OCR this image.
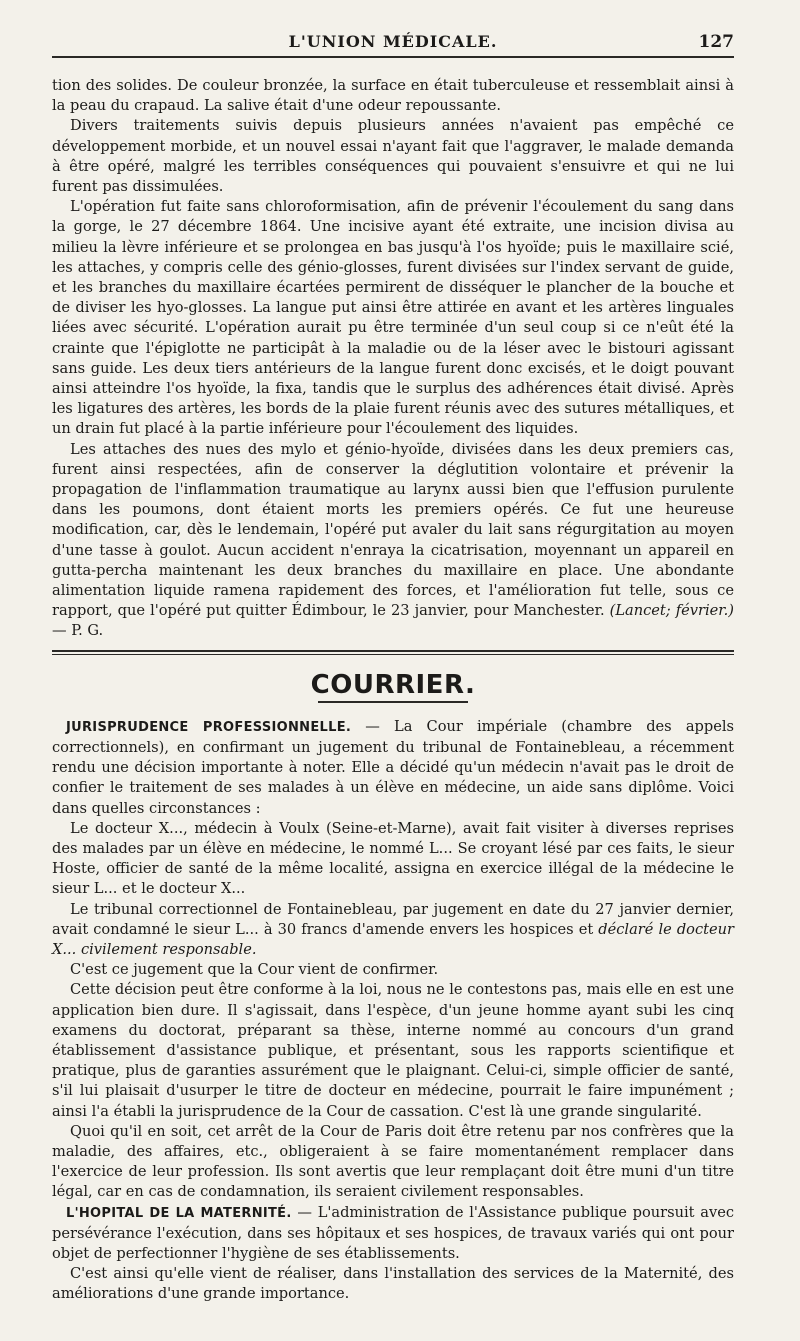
L'UNION MÉDICALE.	127

tion des solides. De couleur bronzée, la surface en était tuberculeuse et ressemblait ainsi à la peau du crapaud. La salive était d'une odeur repoussante.

Divers traitements suivis depuis plusieurs années n'avaient pas empêché ce développement morbide, et un nouvel essai n'ayant fait que l'aggraver, le malade demanda à être opéré, malgré les terribles conséquences qui pouvaient s'ensuivre et qui ne lui furent pas dissimulées.

L'opération fut faite sans chloroformisation, afin de prévenir l'écoulement du sang dans la gorge, le 27 décembre 1864. Une incisive ayant été extraite, une incision divisa au milieu la lèvre inférieure et se prolongea en bas jusqu'à l'os hyoïde; puis le maxillaire scié, les attaches, y compris celle des génio-glosses, furent divisées sur l'index servant de guide, et les branches du maxillaire écartées permirent de disséquer le plancher de la bouche et de diviser les hyo-glosses. La langue put ainsi être attirée en avant et les artères linguales liées avec sécurité. L'opération aurait pu être terminée d'un seul coup si ce n'eût été la crainte que l'épiglotte ne participât à la maladie ou de la léser avec le bistouri agissant sans guide. Les deux tiers antérieurs de la langue furent donc excisés, et le doigt pouvant ainsi atteindre l'os hyoïde, la fixa, tandis que le surplus des adhérences était divisé. Après les ligatures des artères, les bords de la plaie furent réunis avec des sutures métalliques, et un drain fut placé à la partie inférieure pour l'écoulement des liquides.

Les attaches des nues des mylo et génio-hyoïde, divisées dans les deux premiers cas, furent ainsi respectées, afin de conserver la déglutition volontaire et prévenir la propagation de l'inflammation traumatique au larynx aussi bien que l'effusion purulente dans les poumons, dont étaient morts les premiers opérés. Ce fut une heureuse modification, car, dès le lendemain, l'opéré put avaler du lait sans régurgitation au moyen d'une tasse à goulot. Aucun accident n'enraya la cicatrisation, moyennant un appareil en gutta-percha maintenant les deux branches du maxillaire en place. Une abondante alimentation liquide ramena rapidement des forces, et l'amélioration fut telle, sous ce rapport, que l'opéré put quitter Édimbour, le 23 janvier, pour Manchester. (Lancet; février.) — P. G.

COURRIER.

JURISPRUDENCE PROFESSIONNELLE. — La Cour impériale (chambre des appels correctionnels), en confirmant un jugement du tribunal de Fontainebleau, a récemment rendu une décision importante à noter. Elle a décidé qu'un médecin n'avait pas le droit de confier le traitement de ses malades à un élève en médecine, un aide sans diplôme. Voici dans quelles circonstances :

Le docteur X..., médecin à Voulx (Seine-et-Marne), avait fait visiter à diverses reprises des malades par un élève en médecine, le nommé L... Se croyant lésé par ces faits, le sieur Hoste, officier de santé de la même localité, assigna en exercice illégal de la médecine le sieur L... et le docteur X...

Le tribunal correctionnel de Fontainebleau, par jugement en date du 27 janvier dernier, avait condamné le sieur L... à 30 francs d'amende envers les hospices et déclaré le docteur X... civilement responsable.

C'est ce jugement que la Cour vient de confirmer.

Cette décision peut être conforme à la loi, nous ne le contestons pas, mais elle en est une application bien dure. Il s'agissait, dans l'espèce, d'un jeune homme ayant subi les cinq examens du doctorat, préparant sa thèse, interne nommé au concours d'un grand établissement d'assistance publique, et présentant, sous les rapports scientifique et pratique, plus de garanties assurément que le plaignant. Celui-ci, simple officier de santé, s'il lui plaisait d'usurper le titre de docteur en médecine, pourrait le faire impunément ; ainsi l'a établi la jurisprudence de la Cour de cassation. C'est là une grande singularité.

Quoi qu'il en soit, cet arrêt de la Cour de Paris doit être retenu par nos confrères que la maladie, des affaires, etc., obligeraient à se faire momentanément remplacer dans l'exercice de leur profession. Ils sont avertis que leur remplaçant doit être muni d'un titre légal, car en cas de condamnation, ils seraient civilement responsables.

L'HOPITAL DE LA MATERNITÉ. — L'administration de l'Assistance publique poursuit avec persévérance l'exécution, dans ses hôpitaux et ses hospices, de travaux variés qui ont pour objet de perfectionner l'hygiène de ses établissements.

C'est ainsi qu'elle vient de réaliser, dans l'installation des services de la Maternité, des améliorations d'une grande importance.
